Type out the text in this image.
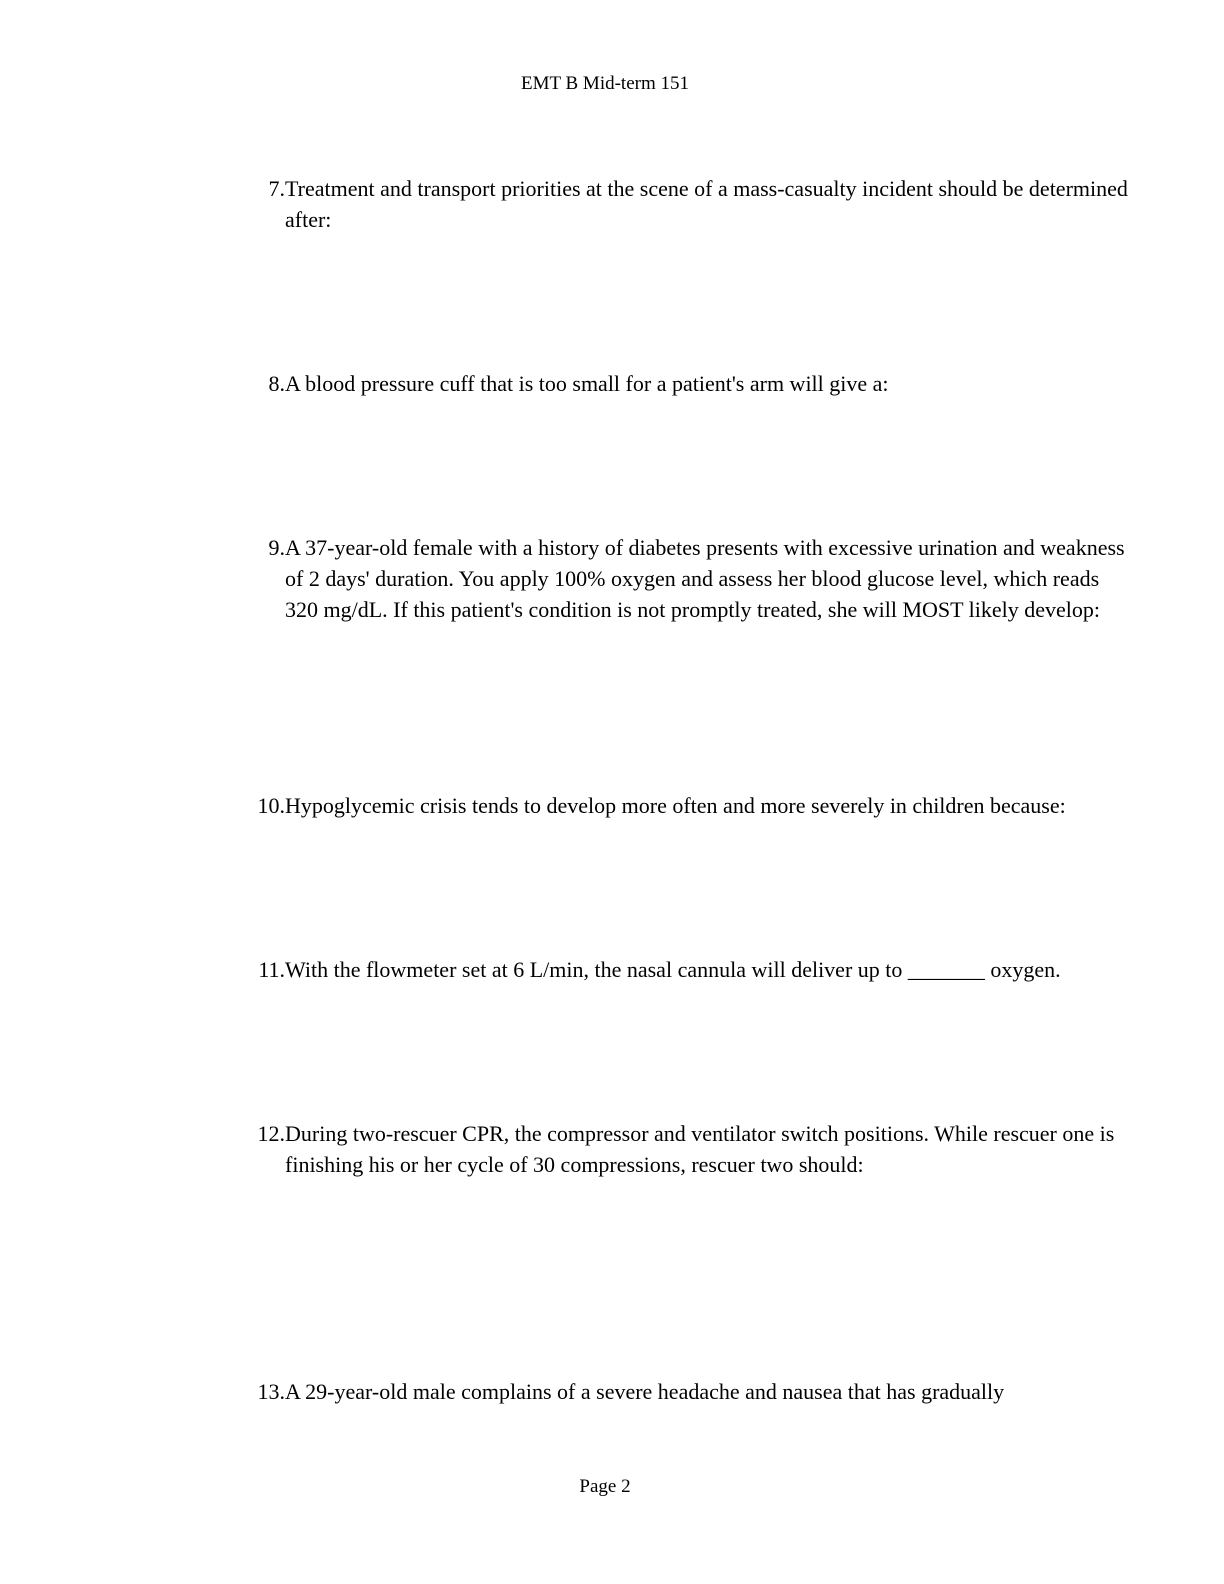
EMT B Mid-term 151
7. Treatment and transport priorities at the scene of a mass-casualty incident should be determined after:
8. A blood pressure cuff that is too small for a patient's arm will give a:
9. A 37-year-old female with a history of diabetes presents with excessive urination and weakness of 2 days' duration. You apply 100% oxygen and assess her blood glucose level, which reads 320 mg/dL. If this patient's condition is not promptly treated, she will MOST likely develop:
10. Hypoglycemic crisis tends to develop more often and more severely in children because:
11. With the flowmeter set at 6 L/min, the nasal cannula will deliver up to _______ oxygen.
12. During two-rescuer CPR, the compressor and ventilator switch positions. While rescuer one is finishing his or her cycle of 30 compressions, rescuer two should:
13. A 29-year-old male complains of a severe headache and nausea that has gradually
Page 2
